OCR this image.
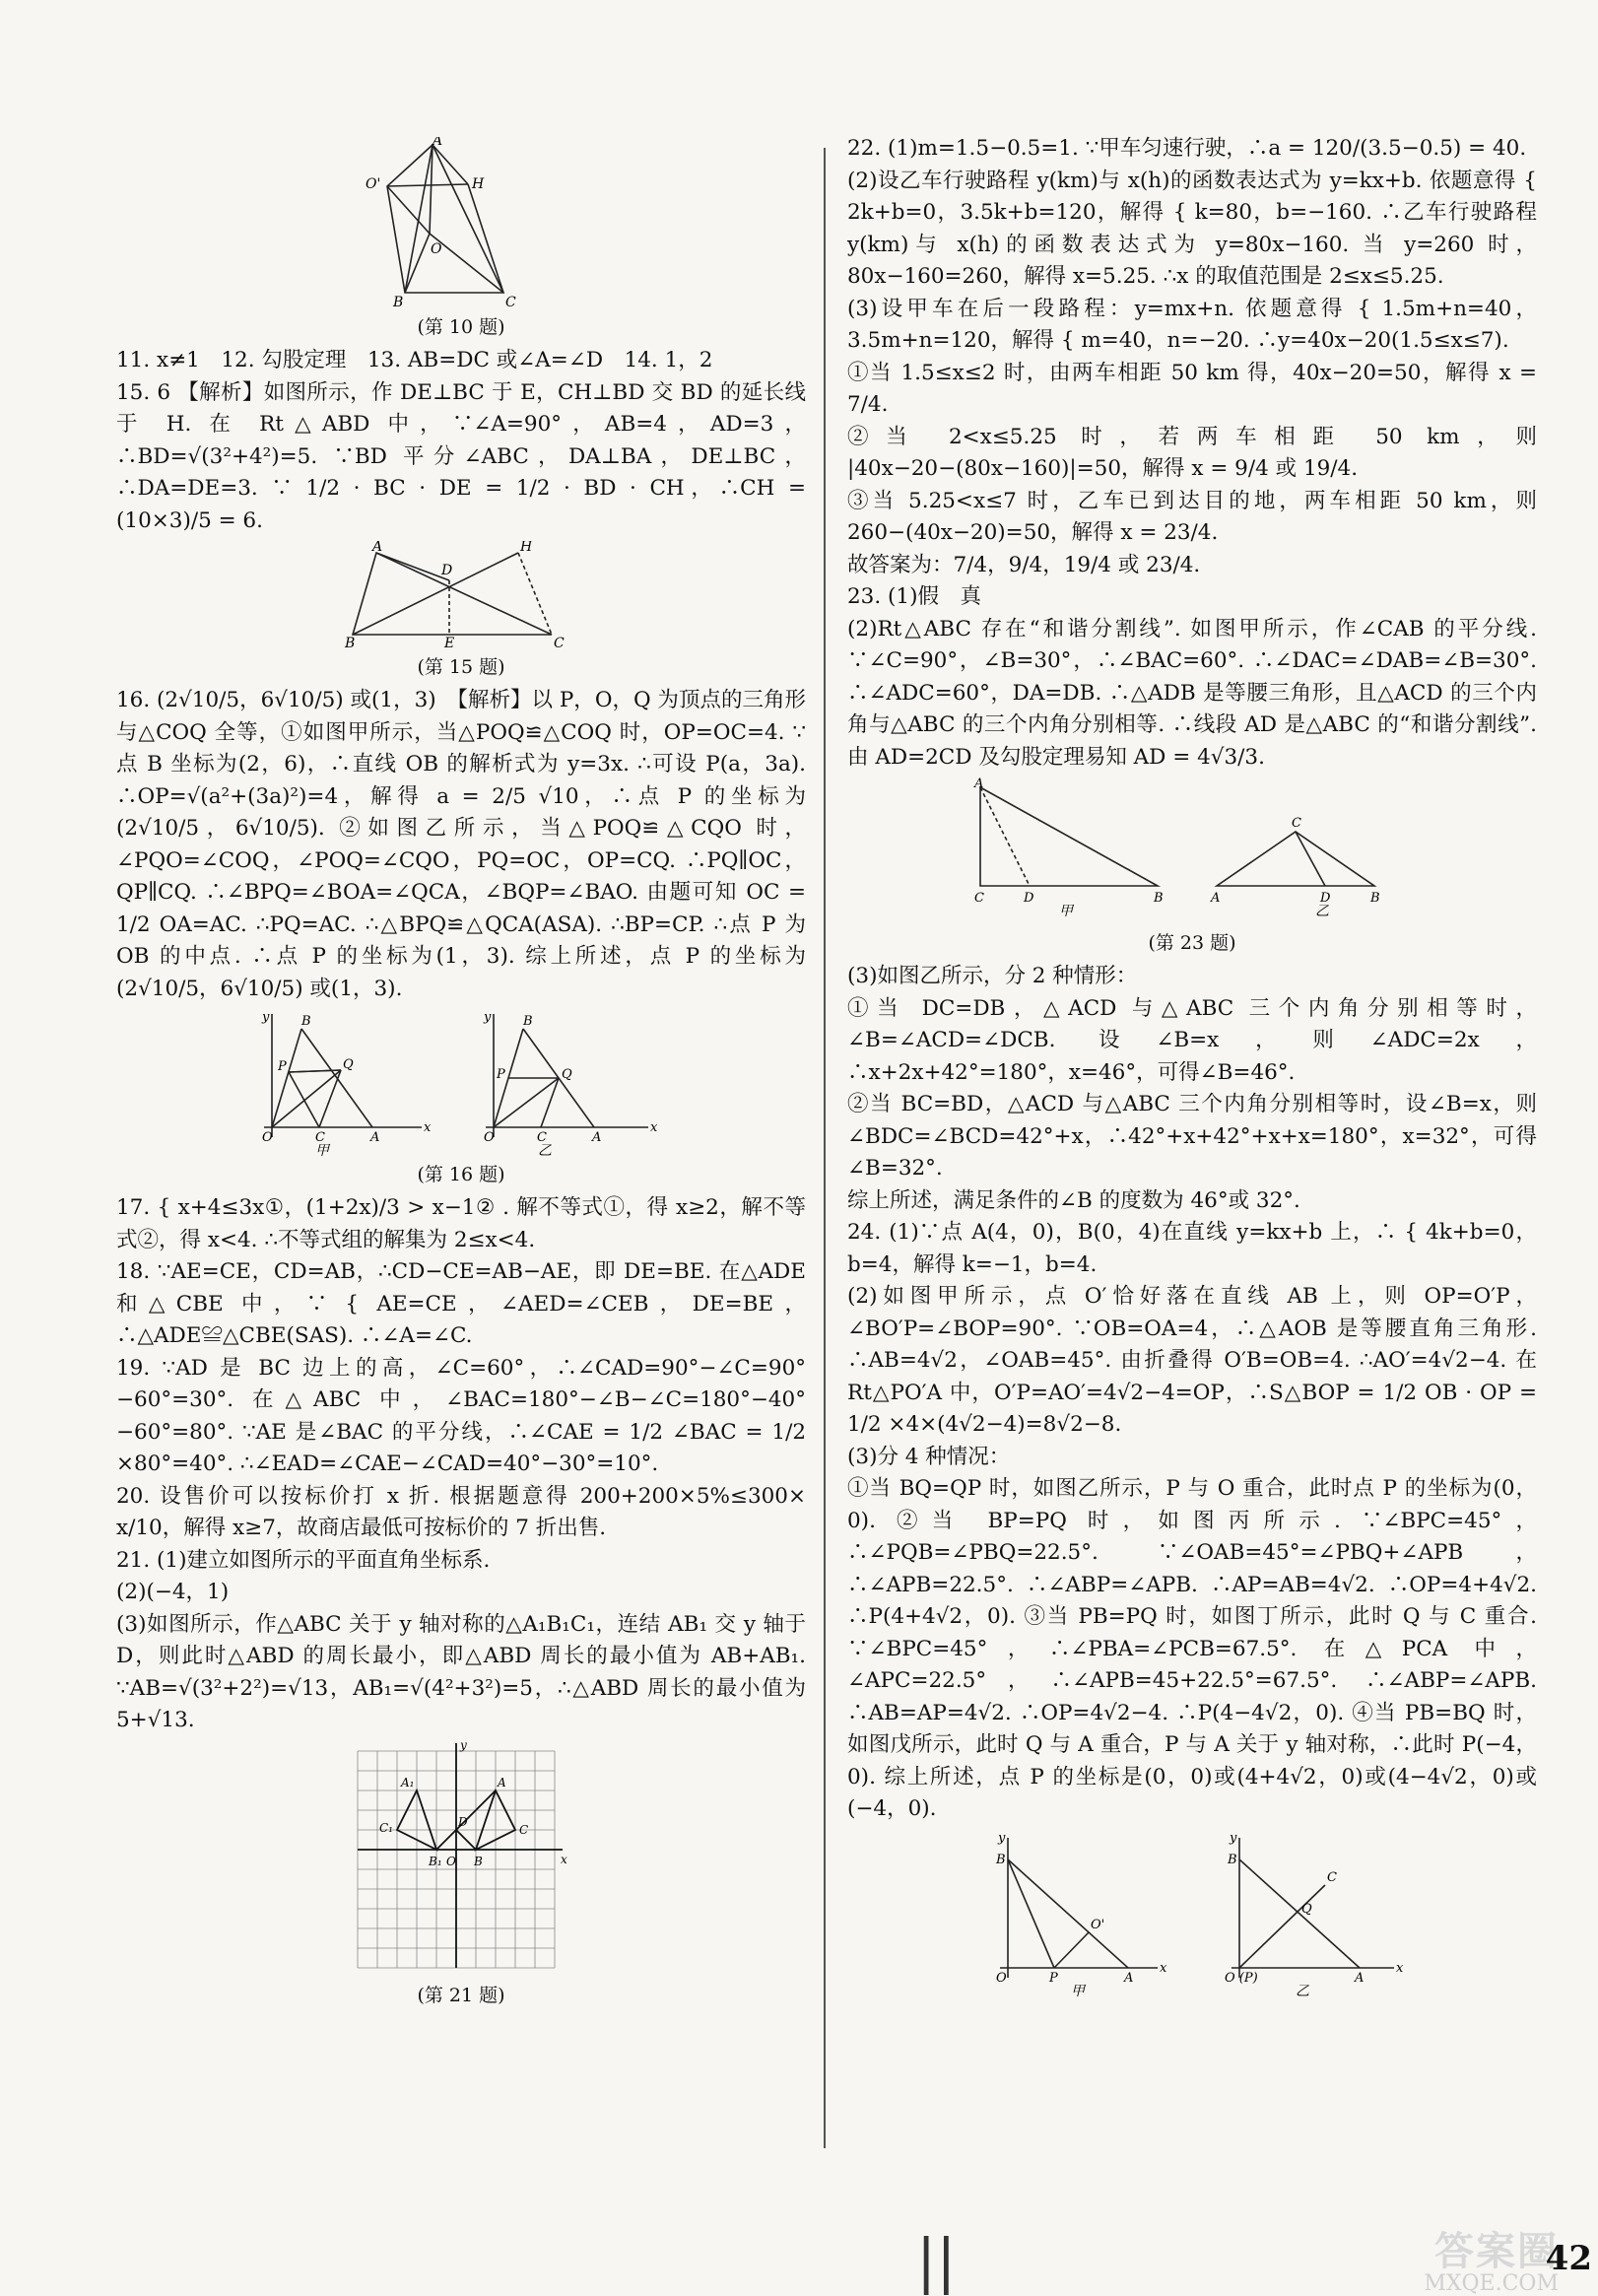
A
O'	H
O
B	C
(第 10 题)

11. x≠1　12. 勾股定理　13. AB=DC 或∠A=∠D　14. 1，2

15. 6 【解析】如图所示，作 DE⊥BC 于 E，CH⊥BD 交 BD 的延长线于 H. 在 Rt△ABD 中，∵∠A=90°，AB=4，AD=3，∴BD=√(3²+4²)=5. ∵BD 平分∠ABC，DA⊥BA，DE⊥BC，∴DA=DE=3. ∵ 1/2 · BC · DE = 1/2 · BD · CH，∴CH = (10×3)/5 = 6.

A
D
H
B	E	C
(第 15 题)

16. (2√10/5，6√10/5) 或(1，3)　【解析】以 P，O，Q 为顶点的三角形与△COQ 全等，①如图甲所示，当△POQ≌△COQ 时，OP=OC=4. ∵点 B 坐标为(2，6)，∴直线 OB 的解析式为 y=3x. ∴可设 P(a，3a). ∴OP=√(a²+(3a)²)=4，解得 a = 2/5 √10，∴点 P 的坐标为 (2√10/5，6√10/5). ②如图乙所示，当△POQ≌△CQO 时，∠PQO=∠COQ，∠POQ=∠CQO，PQ=OC，OP=CQ. ∴PQ∥OC，QP∥CQ. ∴∠BPQ=∠BOA=∠QCA，∠BQP=∠BAO. 由题可知 OC = 1/2 OA=AC. ∴PQ=AC. ∴△BPQ≌△QCA(ASA). ∴BP=CP. ∴点 P 为 OB 的中点. ∴点 P 的坐标为(1，3). 综上所述，点 P 的坐标为 (2√10/5，6√10/5) 或(1，3).

y
x
B
P	Q
O	C	A
y
x
B
P	Q
O	C	A
甲	乙
(第 16 题)

17. { x+4≤3x①，(1+2x)/3 > x−1② . 解不等式①，得 x≥2，解不等式②，得 x<4. ∴不等式组的解集为 2≤x<4.

18. ∵AE=CE，CD=AB，∴CD−CE=AB−AE，即 DE=BE. 在△ADE 和△CBE 中，∵ { AE=CE，∠AED=∠CEB，DE=BE，∴△ADE≌△CBE(SAS). ∴∠A=∠C.

19. ∵AD 是 BC 边上的高，∠C=60°，∴∠CAD=90°−∠C=90°−60°=30°. 在△ABC 中，∠BAC=180°−∠B−∠C=180°−40°−60°=80°. ∵AE 是∠BAC 的平分线，∴∠CAE = 1/2 ∠BAC = 1/2 ×80°=40°. ∴∠EAD=∠CAE−∠CAD=40°−30°=10°.

20. 设售价可以按标价打 x 折. 根据题意得 200+200×5%≤300× x/10，解得 x≥7，故商店最低可按标价的 7 折出售.

21. (1)建立如图所示的平面直角坐标系.

(2)(−4，1)

(3)如图所示，作△ABC 关于 y 轴对称的△A₁B₁C₁，连结 AB₁ 交 y 轴于 D，则此时△ABD 的周长最小，即△ABD 周长的最小值为 AB+AB₁. ∵AB=√(3²+2²)=√13，AB₁=√(4²+3²)=5，∴△ABD 周长的最小值为 5+√13.

y
x
A₁	A
C₁	C
D
B₁ O B
(第 21 题)

22. (1)m=1.5−0.5=1. ∵甲车匀速行驶，∴a = 120/(3.5−0.5) = 40.

(2)设乙车行驶路程 y(km)与 x(h)的函数表达式为 y=kx+b. 依题意得 { 2k+b=0，3.5k+b=120，解得 { k=80，b=−160. ∴乙车行驶路程 y(km)与 x(h)的函数表达式为 y=80x−160. 当 y=260 时，80x−160=260，解得 x=5.25. ∴x 的取值范围是 2≤x≤5.25.

(3)设甲车在后一段路程：y=mx+n. 依题意得 { 1.5m+n=40，3.5m+n=120，解得 { m=40，n=−20. ∴y=40x−20(1.5≤x≤7).

①当 1.5≤x≤2 时，由两车相距 50 km 得，40x−20=50，解得 x = 7/4.

②当 2<x≤5.25 时，若两车相距 50 km，则 |40x−20−(80x−160)|=50，解得 x = 9/4 或 19/4.

③当 5.25<x≤7 时，乙车已到达目的地，两车相距 50 km，则 260−(40x−20)=50，解得 x = 23/4.

故答案为：7/4，9/4，19/4 或 23/4.

23. (1)假　真

(2)Rt△ABC 存在“和谐分割线”. 如图甲所示，作∠CAB 的平分线. ∵∠C=90°，∠B=30°，∴∠BAC=60°. ∴∠DAC=∠DAB=∠B=30°. ∴∠ADC=60°，DA=DB. ∴△ADB 是等腰三角形，且△ACD 的三个内角与△ABC 的三个内角分别相等. ∴线段 AD 是△ABC 的“和谐分割线”. 由 AD=2CD 及勾股定理易知 AD = 4√3/3.

A
C	D	B
C
A	D	B
甲	乙
(第 23 题)

(3)如图乙所示，分 2 种情形：

①当 DC=DB，△ACD 与△ABC 三个内角分别相等时，∠B=∠ACD=∠DCB. 设∠B=x，则∠ADC=2x，∴x+2x+42°=180°，x=46°，可得∠B=46°.

②当 BC=BD，△ACD 与△ABC 三个内角分别相等时，设∠B=x，则∠BDC=∠BCD=42°+x，∴42°+x+42°+x+x=180°，x=32°，可得∠B=32°.

综上所述，满足条件的∠B 的度数为 46°或 32°.

24. (1)∵点 A(4，0)，B(0，4)在直线 y=kx+b 上，∴ { 4k+b=0，b=4，解得 k=−1，b=4.

(2)如图甲所示，点 O′恰好落在直线 AB 上，则 OP=O′P，∠BO′P=∠BOP=90°. ∵OB=OA=4，∴△AOB 是等腰直角三角形. ∴AB=4√2，∠OAB=45°. 由折叠得 O′B=OB=4. ∴AO′=4√2−4. 在 Rt△PO′A 中，O′P=AO′=4√2−4=OP，∴S△BOP = 1/2 OB · OP = 1/2 ×4×(4√2−4)=8√2−8.

(3)分 4 种情况：

①当 BQ=QP 时，如图乙所示，P 与 O 重合，此时点 P 的坐标为(0，0). ②当 BP=PQ 时，如图丙所示. ∵∠BPC=45°，∴∠PQB=∠PBQ=22.5°. ∵∠OAB=45°=∠PBQ+∠APB，∴∠APB=22.5°. ∴∠ABP=∠APB. ∴AP=AB=4√2. ∴OP=4+4√2. ∴P(4+4√2，0). ③当 PB=PQ 时，如图丁所示，此时 Q 与 C 重合. ∵∠BPC=45°，∴∠PBA=∠PCB=67.5°. 在△PCA 中，∠APC=22.5°，∴∠APB=45+22.5°=67.5°. ∴∠ABP=∠APB. ∴AB=AP=4√2. ∴OP=4√2−4. ∴P(4−4√2，0). ④当 PB=BQ 时，如图戊所示，此时 Q 与 A 重合，P 与 A 关于 y 轴对称，∴此时 P(−4，0). 综上所述，点 P 的坐标是(0，0)或(4+4√2，0)或(4−4√2，0)或(−4，0).

y
x
B
O'
O	P	A
y
x
B
C
Q
O (P)	A
甲	乙
||	答案圈
MXQE.COM
42
